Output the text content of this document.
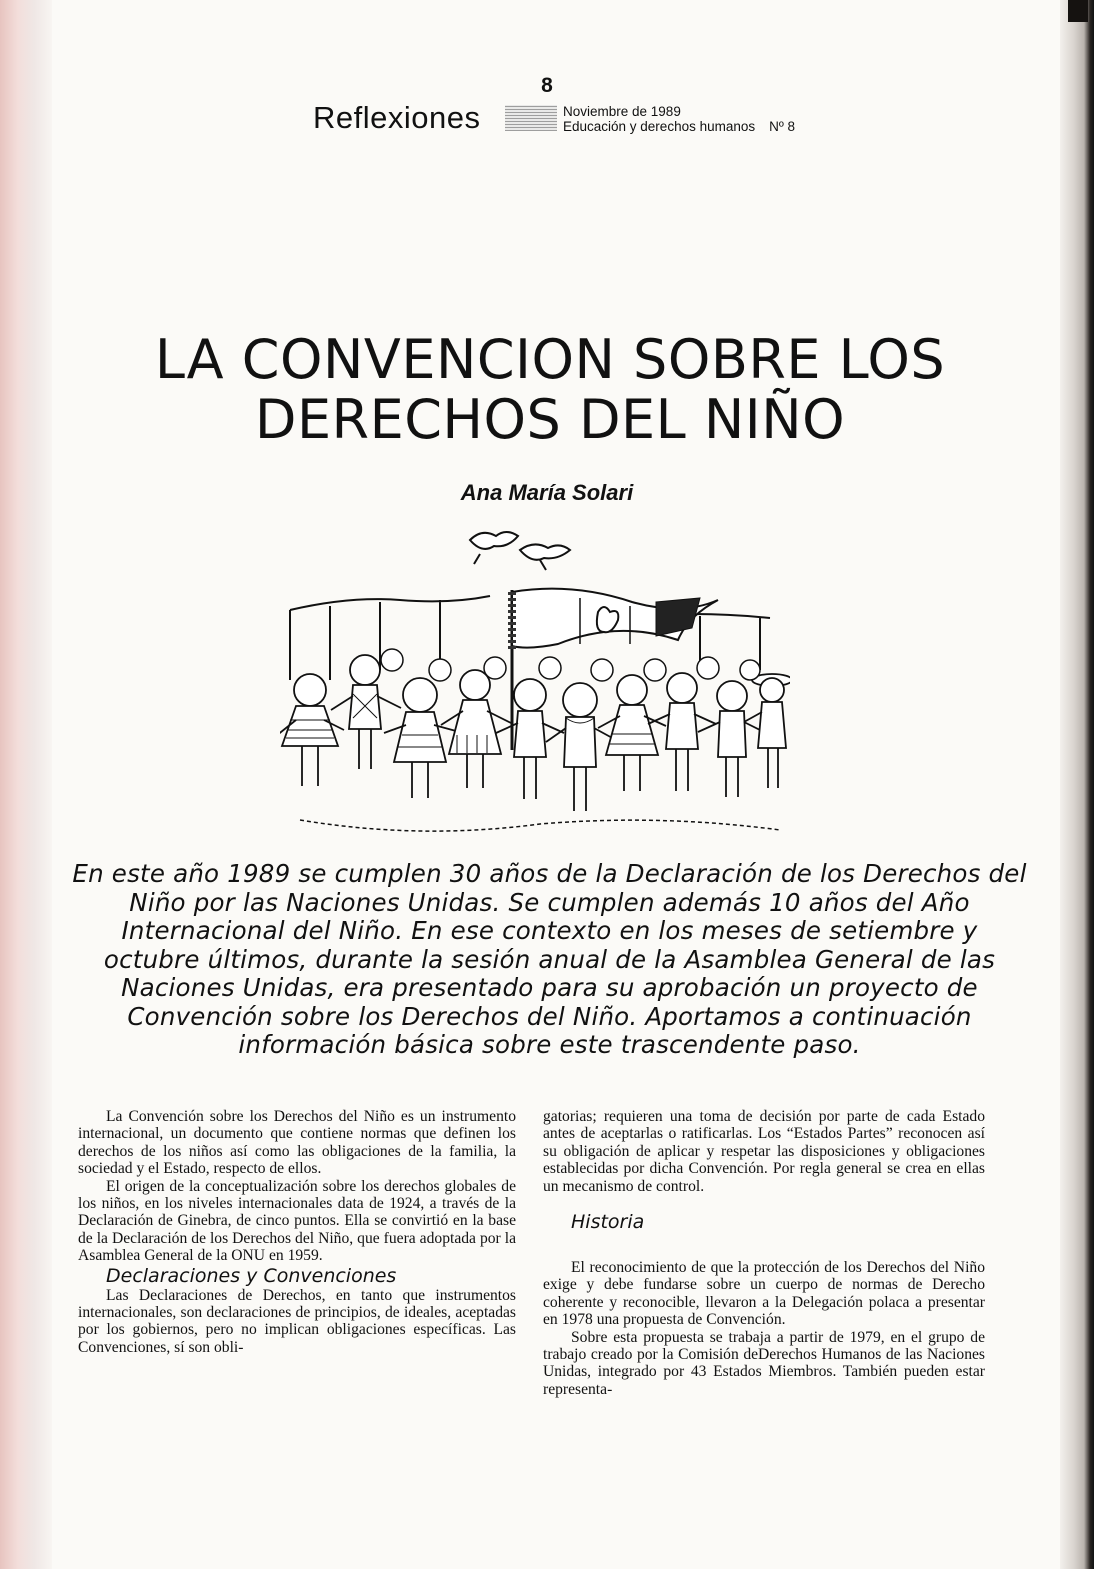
8
Reflexiones	Noviembre de 1989
Educación y derechos humanos Nº 8
LA CONVENCION SOBRE LOS
DERECHOS DEL NIÑO
Ana María Solari

En este año 1989 se cumplen 30 años de la Declaración de los Derechos del Niño por las Naciones Unidas. Se cumplen además 10 años del Año Internacional del Niño. En ese contexto en los meses de setiembre y octubre últimos, durante la sesión anual de la Asamblea General de las Naciones Unidas, era presentado para su aprobación un proyecto de Convención sobre los Derechos del Niño. Aportamos a continuación información básica sobre este trascendente paso.

La Convención sobre los Derechos del Niño es un instrumento internacional, un documento que contiene normas que definen los derechos de los niños así como las obligaciones de la familia, la sociedad y el Estado, respecto de ellos.

El origen de la conceptualización sobre los derechos globales de los niños, en los niveles internacionales data de 1924, a través de la Declaración de Ginebra, de cinco puntos. Ella se convirtió en la base de la Declaración de los Derechos del Niño, que fuera adoptada por la Asamblea General de la ONU en 1959.

Declaraciones y Convenciones

Las Declaraciones de Derechos, en tanto que instrumentos internacionales, son declaraciones de principios, de ideales, aceptadas por los gobiernos, pero no implican obligaciones específicas. Las Convenciones, sí son obli-

gatorias; requieren una toma de decisión por parte de cada Estado antes de aceptarlas o ratificarlas. Los “Estados Partes” reconocen así su obligación de aplicar y respetar las disposiciones y obligaciones establecidas por dicha Convención. Por regla general se crea en ellas un mecanismo de control.

Historia

El reconocimiento de que la protección de los Derechos del Niño exige y debe fundarse sobre un cuerpo de normas de Derecho coherente y reconocible, llevaron a la Delegación polaca a presentar en 1978 una propuesta de Convención.

Sobre esta propuesta se trabaja a partir de 1979, en el grupo de trabajo creado por la Comisión deDerechos Humanos de las Naciones Unidas, integrado por 43 Estados Miembros. También pueden estar representa-
